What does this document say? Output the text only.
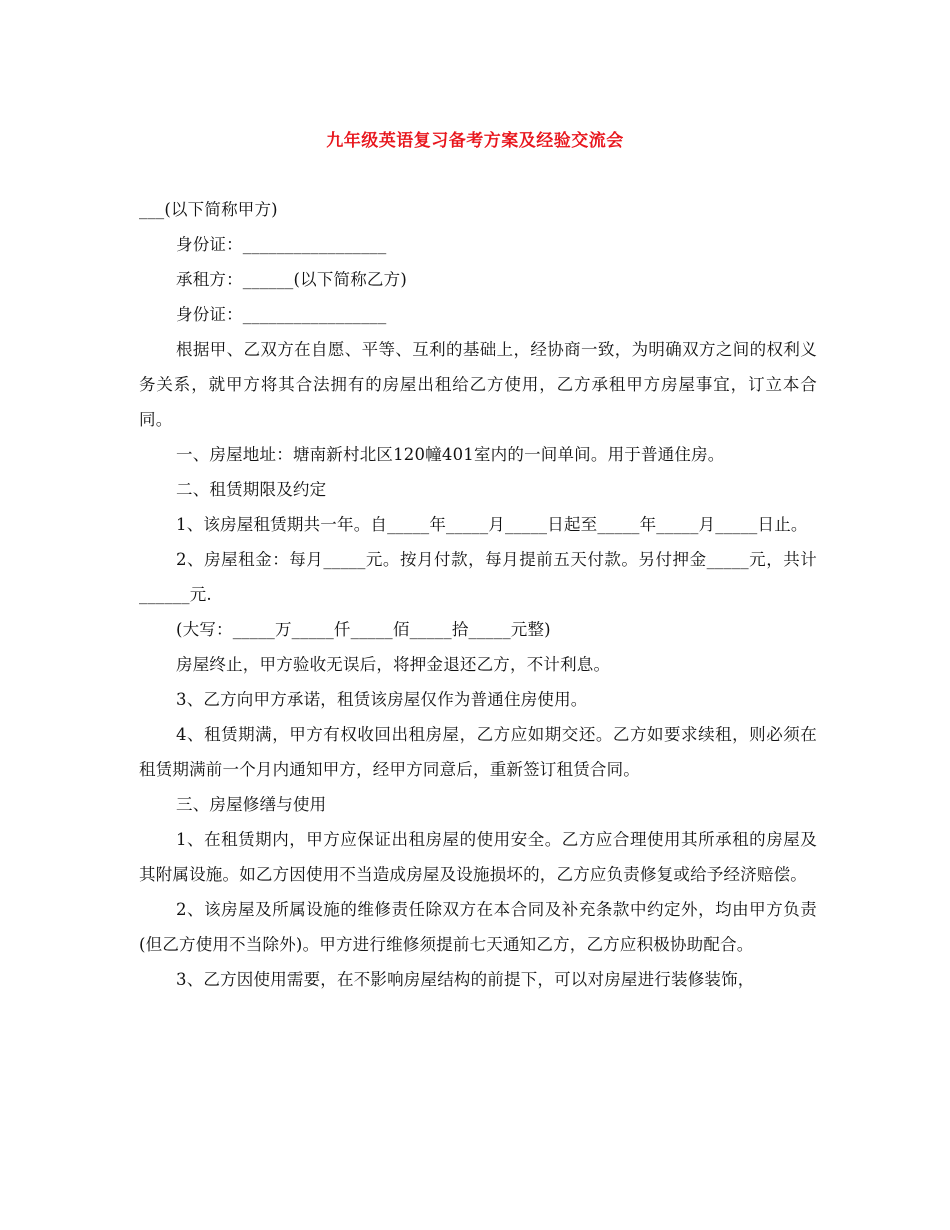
九年级英语复习备考方案及经验交流会

___(以下简称甲方)

身份证：_________________

承租方：______(以下简称乙方)

身份证：_________________

根据甲、乙双方在自愿、平等、互利的基础上，经协商一致，为明确双方之间的权利义务关系，就甲方将其合法拥有的房屋出租给乙方使用，乙方承租甲方房屋事宜，订立本合同。

一、房屋地址：塘南新村北区120幢401室内的一间单间。用于普通住房。

二、租赁期限及约定

1、该房屋租赁期共一年。自_____年_____月_____日起至_____年_____月_____日止。

2、房屋租金：每月_____元。按月付款，每月提前五天付款。另付押金_____元，共计______元.

(大写：_____万_____仟_____佰_____拾_____元整)

房屋终止，甲方验收无误后，将押金退还乙方，不计利息。

3、乙方向甲方承诺，租赁该房屋仅作为普通住房使用。

4、租赁期满，甲方有权收回出租房屋，乙方应如期交还。乙方如要求续租，则必须在租赁期满前一个月内通知甲方，经甲方同意后，重新签订租赁合同。

三、房屋修缮与使用

1、在租赁期内，甲方应保证出租房屋的使用安全。乙方应合理使用其所承租的房屋及其附属设施。如乙方因使用不当造成房屋及设施损坏的，乙方应负责修复或给予经济赔偿。

2、该房屋及所属设施的维修责任除双方在本合同及补充条款中约定外，均由甲方负责(但乙方使用不当除外)。甲方进行维修须提前七天通知乙方，乙方应积极协助配合。

3、乙方因使用需要，在不影响房屋结构的前提下，可以对房屋进行装修装饰，
